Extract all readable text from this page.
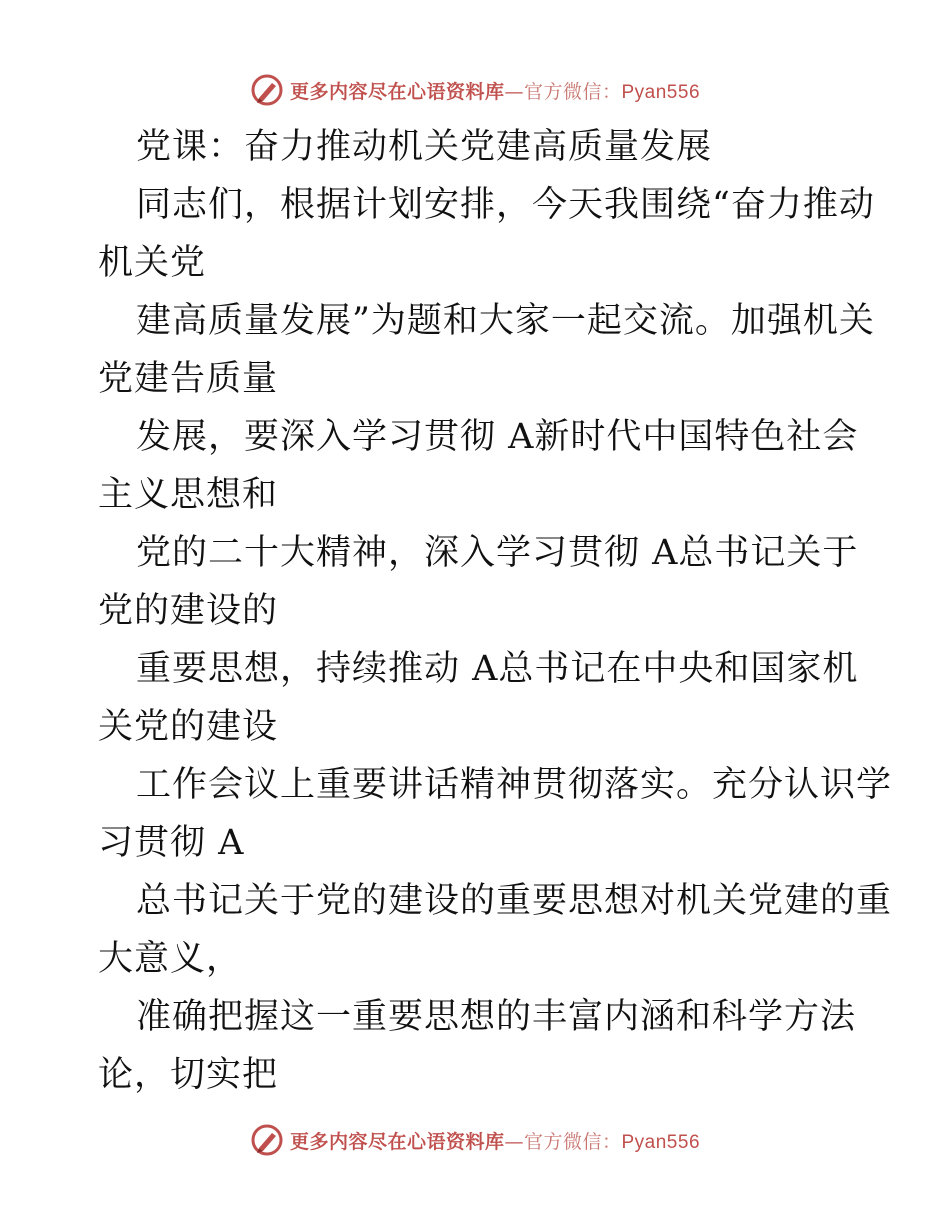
更多内容尽在心语资料库—官方微信：Pyan556
党课：奋力推动机关党建高质量发展
同志们，根据计划安排，今天我围绕“奋力推动
机关党
建高质量发展”为题和大家一起交流。加强机关
党建告质量
发展，要深入学习贯彻 A新时代中国特色社会
主义思想和
党的二十大精神，深入学习贯彻 A总书记关于
党的建设的
重要思想，持续推动 A总书记在中央和国家机
关党的建设
工作会议上重要讲话精神贯彻落实。充分认识学
习贯彻 A
总书记关于党的建设的重要思想对机关党建的重
大意义，
准确把握这一重要思想的丰富内涵和科学方法
论，切实把
更多内容尽在心语资料库—官方微信：Pyan556
